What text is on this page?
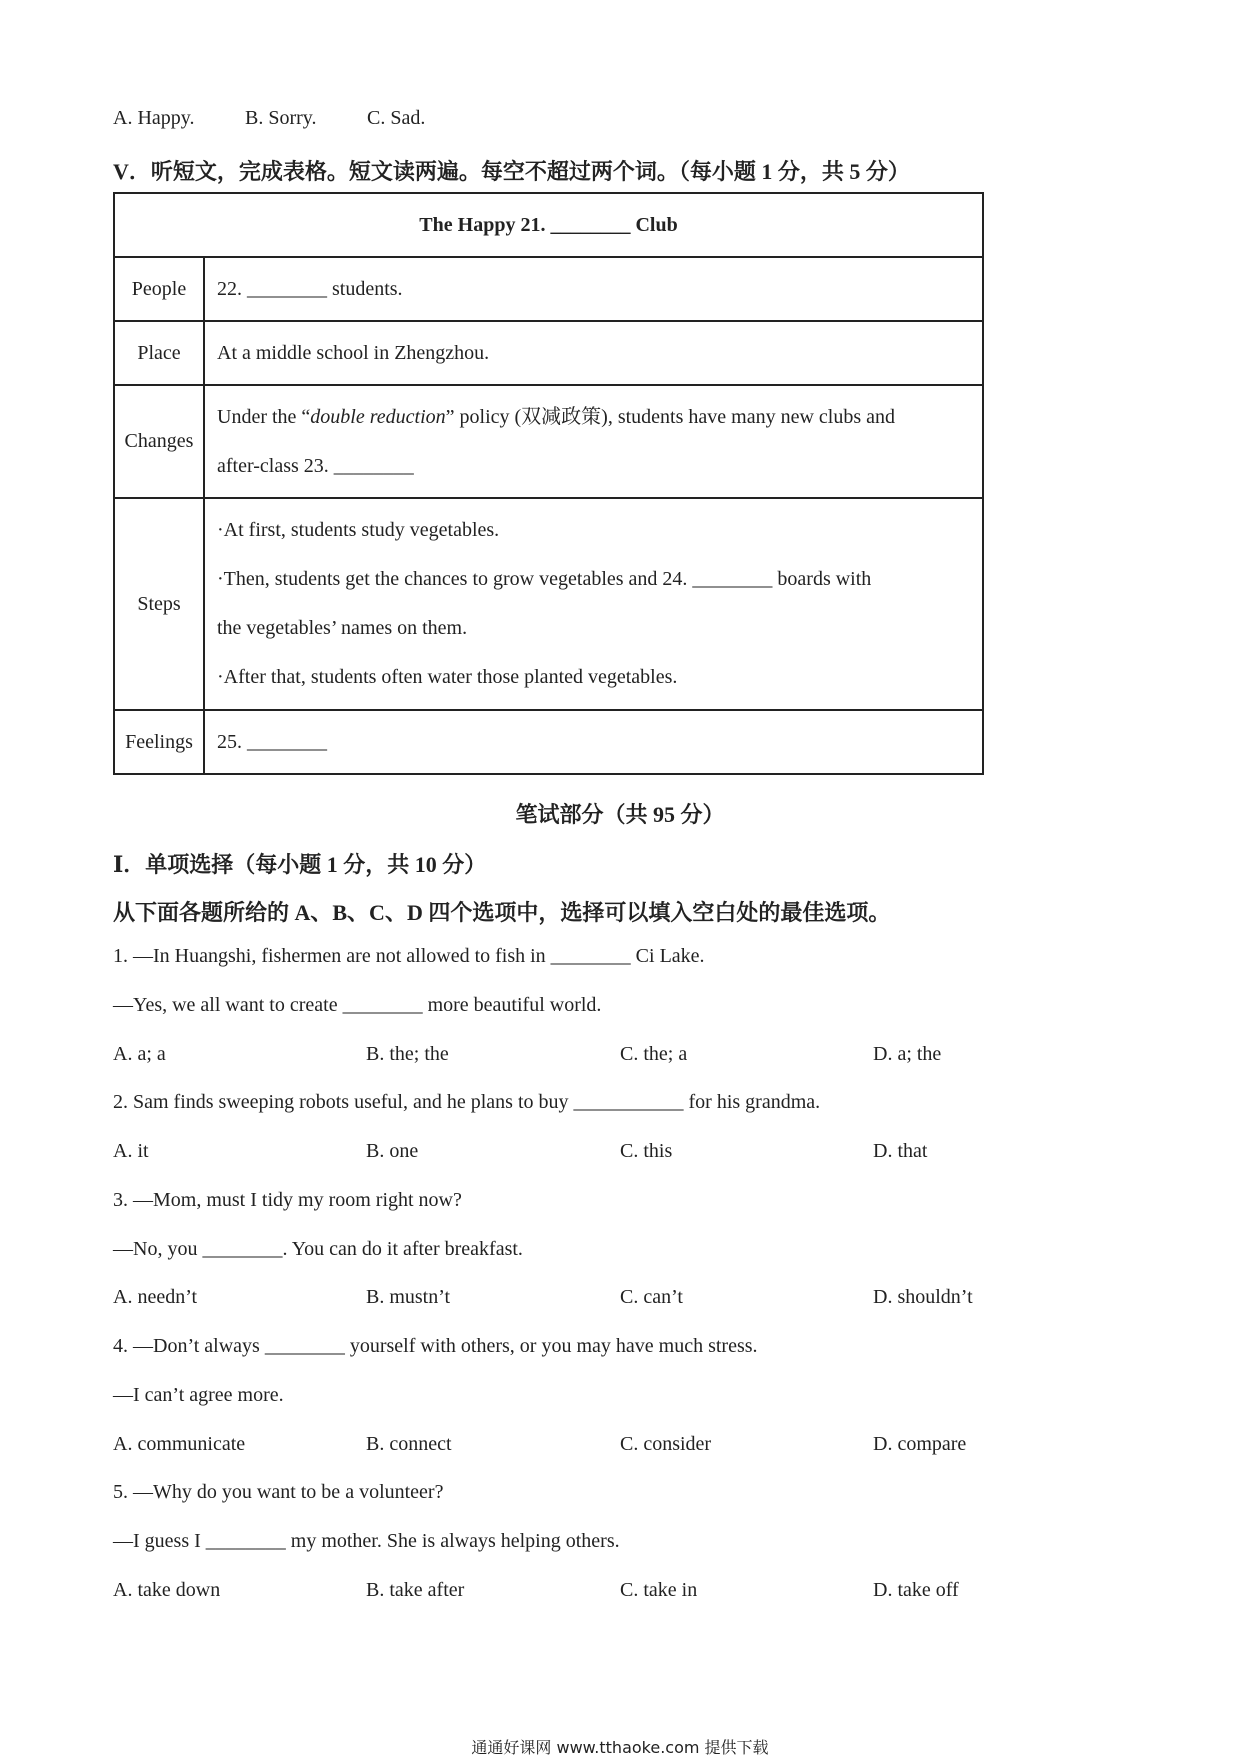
A. Happy.	B. Sorry.	C. Sad.
V．听短文，完成表格。短文读两遍。每空不超过两个词。（每小题 1 分，共 5 分）
The Happy 21. ________ Club	
People	22. ________ students.
Place	At a middle school in Zhengzhou.
Changes	Under the “double reduction” policy (双减政策), students have many new clubs and
after-class 23. ________

Steps	·At first, students study vegetables.
·Then, students get the chances to grow vegetables and 24. ________ boards with
the vegetables’ names on them.
·After that, students often water those planted vegetables.

Feelings	25. ________
笔试部分（共 95 分）
Ⅰ．单项选择（每小题 1 分，共 10 分）
从下面各题所给的 A、B、C、D 四个选项中，选择可以填入空白处的最佳选项。
1. —In Huangshi, fishermen are not allowed to fish in ________ Ci Lake.
—Yes, we all want to create ________ more beautiful world.
A. a; a	B. the; the	C. the; a	D. a; the
2. Sam finds sweeping robots useful, and he plans to buy ___________ for his grandma.
A. it	B. one	C. this	D. that
3. —Mom, must I tidy my room right now?
—No, you ________. You can do it after breakfast.
A. needn’t	B. mustn’t	C. can’t	D. shouldn’t
4. —Don’t always ________ yourself with others, or you may have much stress.
—I can’t agree more.
A. communicate	B. connect	C. consider	D. compare
5. —Why do you want to be a volunteer?
—I guess I ________ my mother. She is always helping others.
A. take down	B. take after	C. take in	D. take off
通通好课网 www.tthaoke.com 提供下载
